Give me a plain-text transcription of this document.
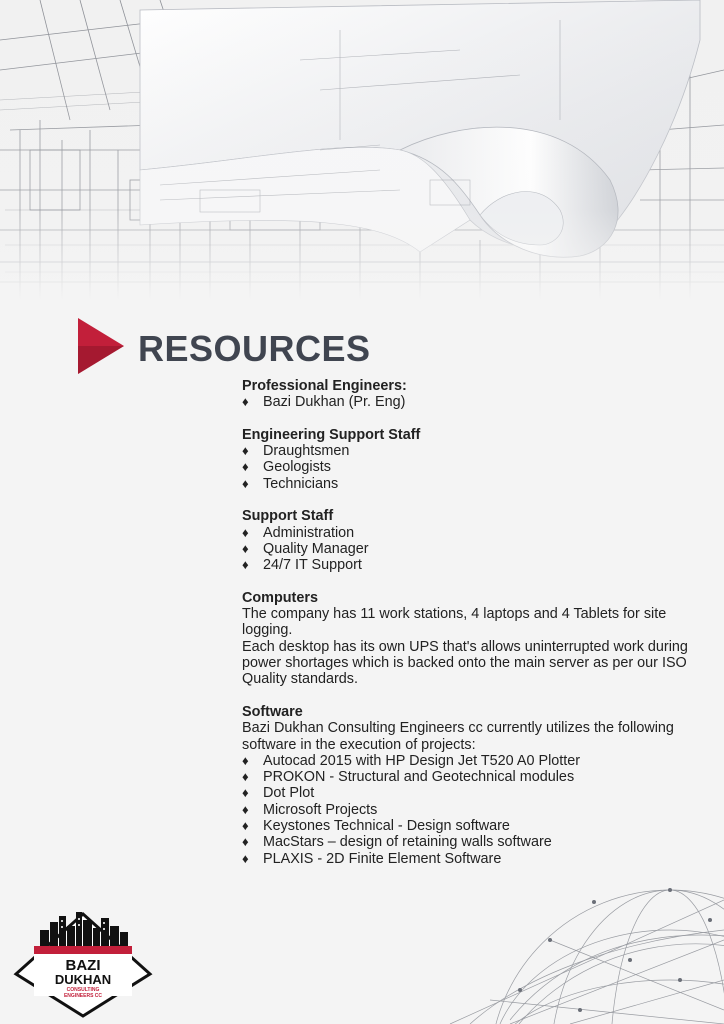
RESOURCES
Professional Engineers:
♦ Bazi Dukhan (Pr. Eng)
Engineering Support Staff
♦ Draughtsmen
♦ Geologists
♦ Technicians
Support Staff
♦ Administration
♦ Quality Manager
♦ 24/7 IT Support
Computers
The company has 11 work stations, 4 laptops and 4 Tablets for site logging.
Each desktop has its own UPS that's allows uninterrupted work during power shortages which is backed onto the main server as per our ISO Quality standards.
Software
Bazi Dukhan Consulting Engineers cc currently utilizes the following software in the execution of projects:
♦ Autocad 2015 with HP Design Jet T520 A0 Plotter
♦ PROKON - Structural and Geotechnical modules
♦ Dot Plot
♦ Microsoft Projects
♦ Keystones Technical - Design software
♦ MacStars – design of retaining walls software
♦ PLAXIS - 2D Finite Element Software
BAZI
DUKHAN
CONSULTING
ENGINEERS CC
